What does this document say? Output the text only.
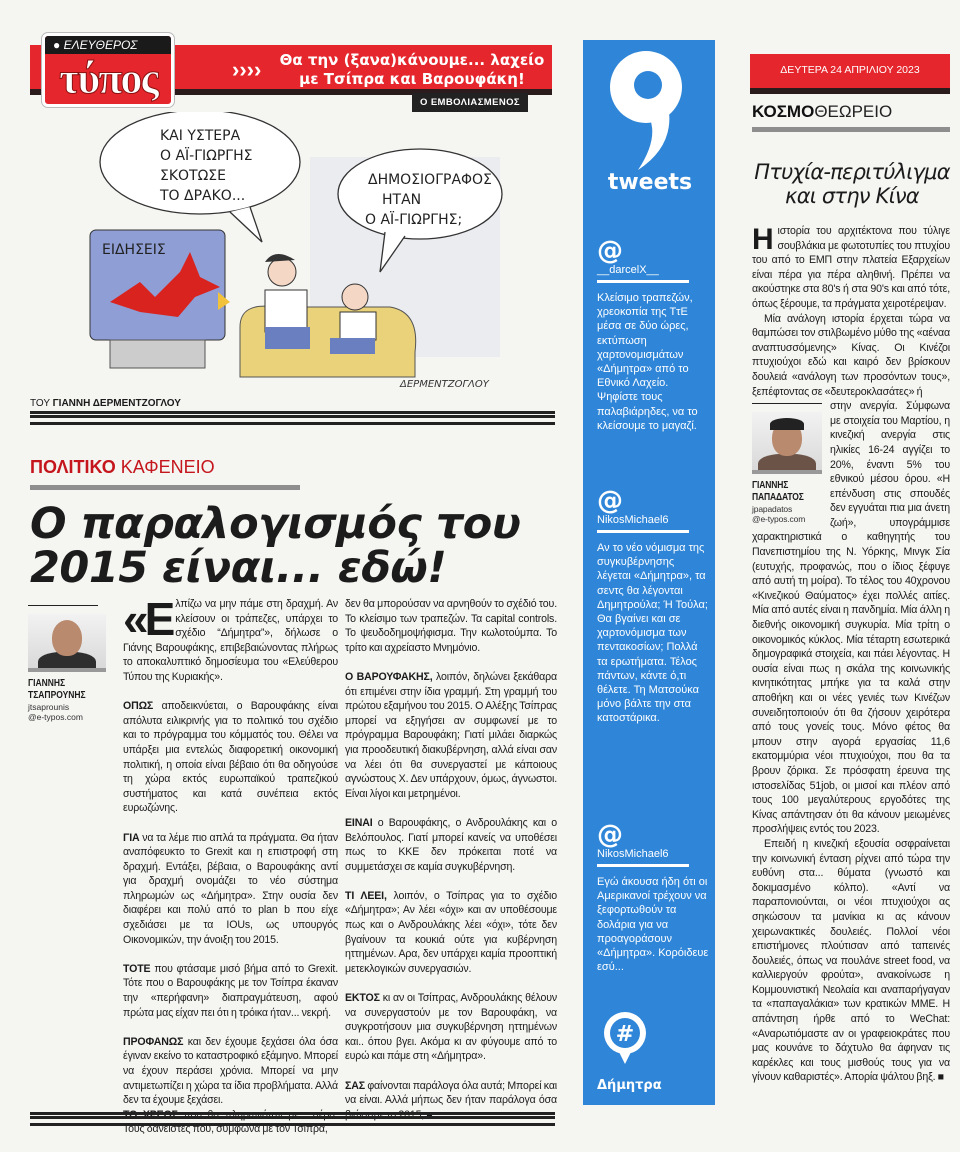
● ΕΛΕΥΘΕΡΟΣ
τύπος	››››	Θα την (ξανα)κάνουμε... λαχείο με Τσίπρα και Βαρουφάκη!
Ο ΕΜΒΟΛΙΑΣΜΕΝΟΣ
ΚΑΙ ΥΣΤΕΡΑ Ο ΑΪ-ΓΙΩΡΓΗΣ ΣΚΟΤΩΣΕ ΤΟ ΔΡΑΚΟ...
ΔΗΜΟΣΙΟΓΡΑΦΟΣ ΗΤΑΝ Ο ΑΪ-ΓΙΩΡΓΗΣ;
ΕΙΔΗΣΕΙΣ
ΔΕΡΜΕΝΤΖΟΓΛΟΥ
ΤΟΥ ΓΙΑΝΝΗ ΔΕΡΜΕΝΤΖΟΓΛΟΥ
ΠΟΛΙΤΙΚΟ ΚΑΦΕΝΕΙΟ
Ο παραλογισμός του 2015 είναι... εδώ!
ΓΙΑΝΝΗΣ
ΤΣΑΠΡΟΥΝΗΣ
jtsaprounis
@e-typos.com

«Ελπίζω να μην πάμε στη δραχμή. Αν κλείσουν οι τράπεζες, υπάρχει το σχέδιο “Δήμητρα”», δήλωσε ο Γιάνης Βαρουφάκης, επιβεβαιώνοντας πλήρως το αποκαλυπτικό δημοσίευμα του «Ελεύθερου Τύπου της Κυριακής».

ΟΠΩΣ αποδεικνύεται, ο Βαρουφάκης είναι απόλυτα ειλικρινής για το πολιτικό του σχέδιο και το πρόγραμμα του κόμματός του. Θέλει να υπάρξει μια εντελώς διαφορετική οικονομική πολιτική, η οποία είναι βέβαιο ότι θα οδηγούσε τη χώρα εκτός ευρωπαϊκού τραπεζικού συστήματος και κατά συνέπεια εκτός ευρωζώνης.

ΓΙΑ να τα λέμε πιο απλά τα πράγματα. Θα ήταν αναπόφευκτο το Grexit και η επιστροφή στη δραχμή. Εντάξει, βέβαια, ο Βαρουφάκης αντί για δραχμή ονομάζει το νέο σύστημα πληρωμών ως «Δήμητρα». Στην ουσία δεν διαφέρει και πολύ από το plan b που είχε σχεδιάσει με τα IOUs, ως υπουργός Οικονομικών, την άνοιξη του 2015.

ΤΟΤΕ που φτάσαμε μισό βήμα από το Grexit. Τότε που ο Βαρουφάκης με τον Τσίπρα έκαναν την «περήφανη» διαπραγμάτευση, αφού πρώτα μας είχαν πει ότι η τρόικα ήταν... νεκρή.

ΠΡΟΦΑΝΩΣ και δεν έχουμε ξεχάσει όλα όσα έγιναν εκείνο το καταστροφικό εξάμηνο. Μπορεί να έχουν περάσει χρόνια. Μπορεί να μην αντιμετωπίζει η χώρα τα ίδια προβλήματα. Αλλά δεν τα έχουμε ξεχάσει.

ΤΟ ΧΡΕΟΣ που θα πληρωνόταν με... αέρα. Τους δανειστές που, σύμφωνα με τον Τσίπρα,

δεν θα μπορούσαν να αρνηθούν το σχέδιό του. Το κλείσιμο των τραπεζών. Τα capital controls. Το ψευδοδημοψήφισμα. Την κωλοτούμπα. Το τρίτο και αχρείαστο Μνημόνιο.

Ο ΒΑΡΟΥΦΑΚΗΣ, λοιπόν, δηλώνει ξεκάθαρα ότι επιμένει στην ίδια γραμμή. Στη γραμμή του πρώτου εξαμήνου του 2015. Ο Αλέξης Τσίπρας μπορεί να εξηγήσει αν συμφωνεί με το πρόγραμμα Βαρουφάκη; Γιατί μιλάει διαρκώς για προοδευτική διακυβέρνηση, αλλά είναι σαν να λέει ότι θα συνεργαστεί με κάποιους αγνώστους Χ. Δεν υπάρχουν, όμως, άγνωστοι. Είναι λίγοι και μετρημένοι.

ΕΙΝΑΙ ο Βαρουφάκης, ο Ανδρουλάκης και ο Βελόπουλος. Γιατί μπορεί κανείς να υποθέσει πως το ΚΚΕ δεν πρόκειται ποτέ να συμμετάσχει σε καμία συγκυβέρνηση.

ΤΙ ΛΕΕΙ, λοιπόν, ο Τσίπρας για το σχέδιο «Δήμητρα»; Αν λέει «όχι» και αν υποθέσουμε πως και ο Ανδρουλάκης λέει «όχι», τότε δεν βγαίνουν τα κουκιά ούτε για κυβέρνηση ηττημένων. Αρα, δεν υπάρχει καμία προοπτική μετεκλογικών συνεργασιών.

ΕΚΤΟΣ κι αν οι Τσίπρας, Ανδρουλάκης θέλουν να συνεργαστούν με τον Βαρουφάκη, να συγκροτήσουν μια συγκυβέρνηση ηττημένων και.. όπου βγει. Ακόμα κι αν φύγουμε από το ευρώ και πάμε στη «Δήμητρα».

ΣΑΣ φαίνονται παράλογα όλα αυτά; Μπορεί και να είναι. Αλλά μήπως δεν ήταν παράλογα όσα βιώσαμε το 2015; ■

tweets
@
__darcelX__
Κλείσιμο τραπεζών, χρεοκοπία της ΤτΕ μέσα σε δύο ώρες, εκτύπωση χαρτονομισμάτων «Δήμητρα» από το Εθνικό Λαχείο. Ψηφίστε τους παλαβιάρηδες, να το κλείσουμε το μαγαζί.
@
NikosMichael6
Αν το νέο νόμισμα της συγκυβέρνησης λέγεται «Δήμητρα», τα σεντς θα λέγονται Δημητρούλα; Ή Τούλα; Θα βγαίνει και σε χαρτονόμισμα των πεντακοσίων; Πολλά τα ερωτήματα. Τέλος πάντων, κάντε ό,τι θέλετε. Τη Ματσούκα μόνο βάλτε την στα κατοστάρικα.
@
NikosMichael6
Εγώ άκουσα ήδη ότι οι Αμερικανοί τρέχουν να ξεφορτωθούν τα δολάρια για να προαγοράσουν «Δήμητρα». Κορόιδευε εσύ...
#
Δήμητρα
ΔΕΥΤΕΡΑ 24 ΑΠΡΙΛΙΟΥ 2023
ΚΟΣΜΟΘΕΩΡΕΙΟ
Πτυχία-περιτύλιγμα και στην Κίνα

Ηιστορία του αρχιτέκτονα που τύλιγε σουβλάκια με φωτοτυπίες του πτυχίου του από το ΕΜΠ στην πλατεία Εξαρχείων είναι πέρα για πέρα αληθινή. Πρέπει να ακούστηκε στα 80's ή στα 90's και από τότε, όπως ξέρουμε, τα πράγματα χειροτέρεψαν.

Μία ανάλογη ιστορία έρχεται τώρα να θαμπώσει τον στιλβωμένο μύθο της «αέναα αναπτυσσόμενης» Κίνας. Οι Κινέζοι πτυχιούχοι εδώ και καιρό δεν βρίσκουν δουλειά «ανάλογη των προσόντων τους», ξεπέφτοντας σε «δευτεροκλασάτες» ή

ΓΙΑΝΝΗΣ
ΠΑΠΑΔΑΤΟΣ
jpapadatos
@e-typos.com

στην ανεργία. Σύμφωνα με στοιχεία του Μαρτίου, η κινεζική ανεργία στις ηλικίες 16-24 αγγίζει το 20%, έναντι 5% του εθνικού μέσου όρου. «Η επένδυση στις σπουδές δεν εγγυάται πια μια άνετη ζωή», υπογράμμισε χαρακτηριστικά ο καθηγητής του Πανεπιστημίου της Ν. Υόρκης, Μινγκ Σία (ευτυχής, προφανώς, που ο ίδιος ξέφυγε από αυτή τη μοίρα). Το τέλος του 40χρονου «Κινεζικού Θαύματος» έχει πολλές αιτίες. Μία από αυτές είναι η πανδημία. Μία άλλη η διεθνής οικονομική συγκυρία. Μία τρίτη ο οικονομικός κύκλος. Μία τέταρτη εσωτερικά δημογραφικά στοιχεία, και πάει λέγοντας. Η ουσία είναι πως η σκάλα της κοινωνικής κινητικότητας μπήκε για τα καλά στην αποθήκη και οι νέες γενιές των Κινέζων συνειδητοποιούν ότι θα ζήσουν χειρότερα από τους γονείς τους. Μόνο φέτος θα μπουν στην αγορά εργασίας 11,6 εκατομμύρια νέοι πτυχιούχοι, που θα τα βρουν ζόρικα. Σε πρόσφατη έρευνα της ιστοσελίδας 51job, οι μισοί και πλέον από τους 100 μεγαλύτερους εργοδότες της Κίνας απάντησαν ότι θα κάνουν μειωμένες προσλήψεις εντός του 2023.

Επειδή η κινεζική εξουσία οσφραίνεται την κοινωνική ένταση ρίχνει από τώρα την ευθύνη στα... θύματα (γνωστό και δοκιμασμένο κόλπο). «Αντί να παραπονιούνται, οι νέοι πτυχιούχοι ας σηκώσουν τα μανίκια κι ας κάνουν χειρωνακτικές δουλειές. Πολλοί νέοι επιστήμονες πλούτισαν από ταπεινές δουλειές, όπως να πουλάνε street food, να καλλιεργούν φρούτα», ανακοίνωσε η Κομμουνιστική Νεολαία και αναπαρήγαγαν τα «παπαγαλάκια» των κρατικών ΜΜΕ. Η απάντηση ήρθε από το WeChat: «Αναρωτιόμαστε αν οι γραφειοκράτες που μας κουνάνε το δάχτυλο θα άφηναν τις καρέκλες και τους μισθούς τους για να γίνουν καθαριστές». Απορία ψάλτου βηξ. ■
